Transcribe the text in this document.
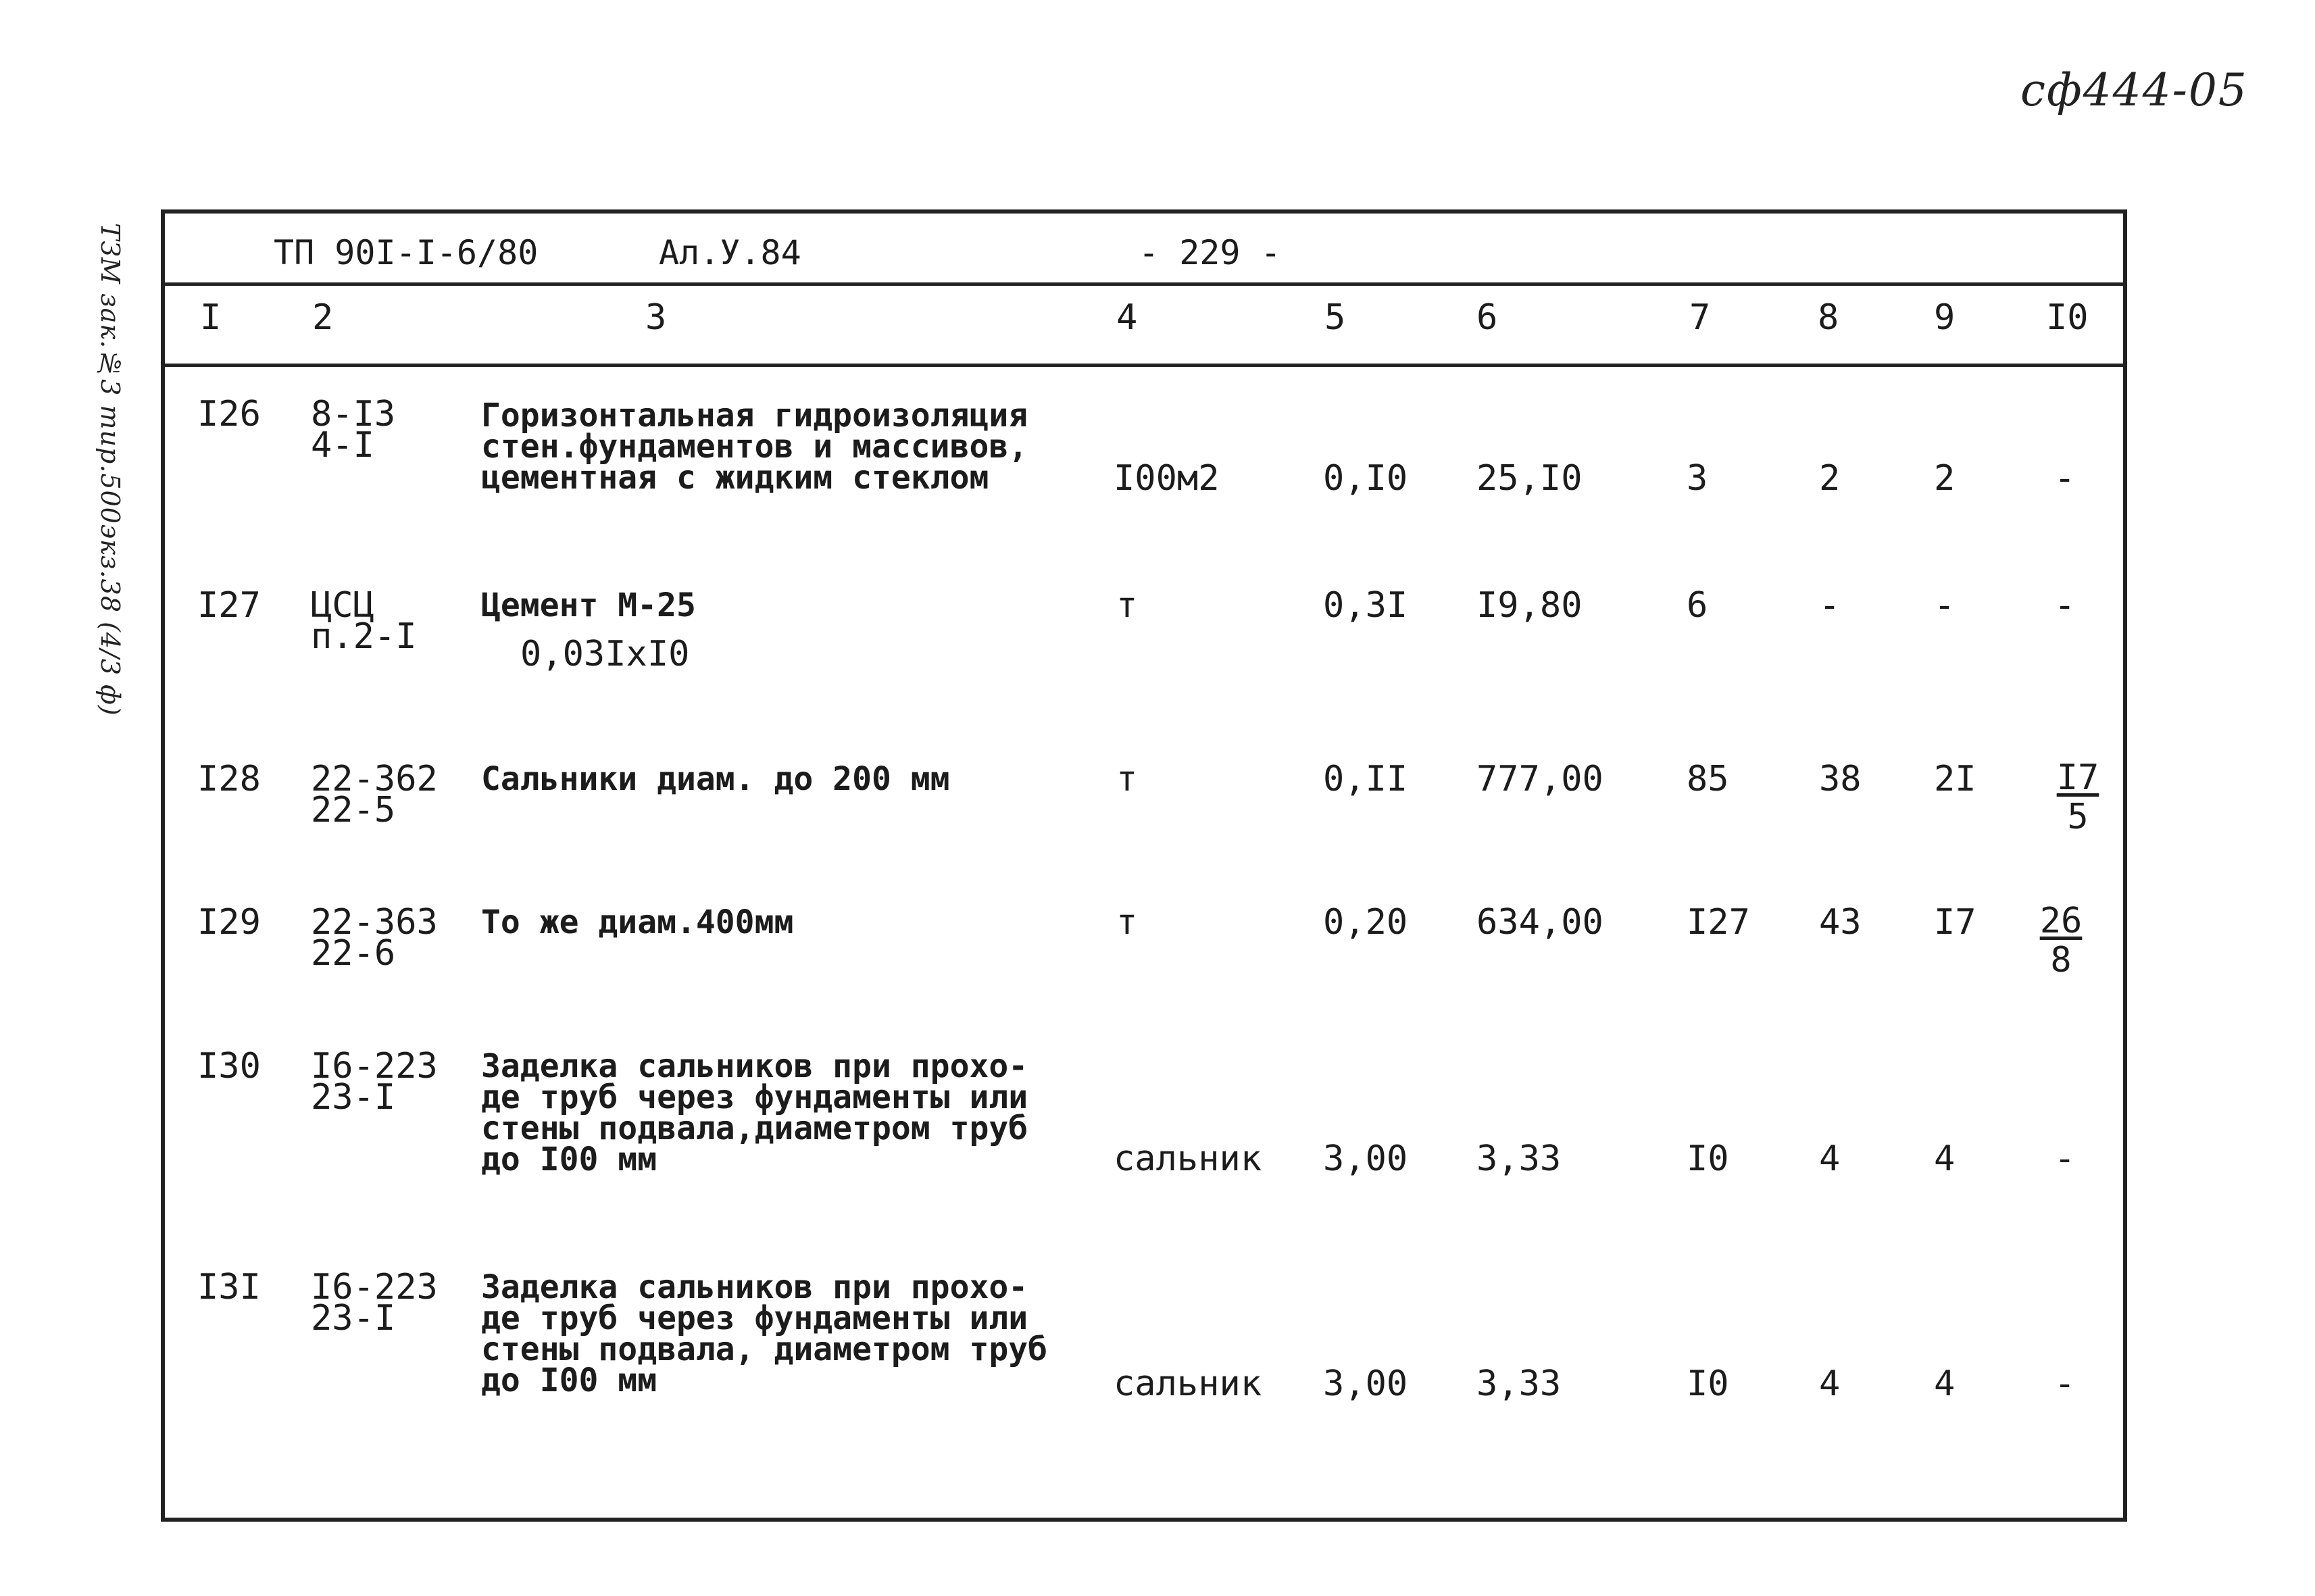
сф444-05
ТЗМ зак.№3 тир.500экз.38 (4/3 ф)	ТП 90I-I-6/80	Ал.У.84	- 229 -
I	2	3	4	5	6	7	8	9	I0
I26 8-I3
4-I
Горизонтальная гидроизоляция
стен.фундаментов и массивов,
цементная с жидким стеклом	I00м2	0,I0 25,I0	3	2	2	-
I27 ЦСЦ
п.2-I
Цемент М-25
0,03IxI0
т	0,3I I9,80	6	-	-	-
I28 22-362
22-5
Сальники диам. до 200 мм	т	0,II 777,00 85	38 $2I \frac{I7}{5}$
I29 22-363
22-6
То же диам.400мм	т	0,20 634,00 I27 43 $I7 \frac{26}{8}$
I30 I6-223
23-I
Заделка сальников при прохо-
де труб через фундаменты или
стены подвала,диаметром труб
до I00 мм	сальник 3,00 3,33	I0	4	4	-
I3I I6-223
23-I
Заделка сальников при прохо-
де труб через фундаменты или
стены подвала, диаметром труб
до I00 мм	сальник 3,00 3,33	I0	4	4	-
